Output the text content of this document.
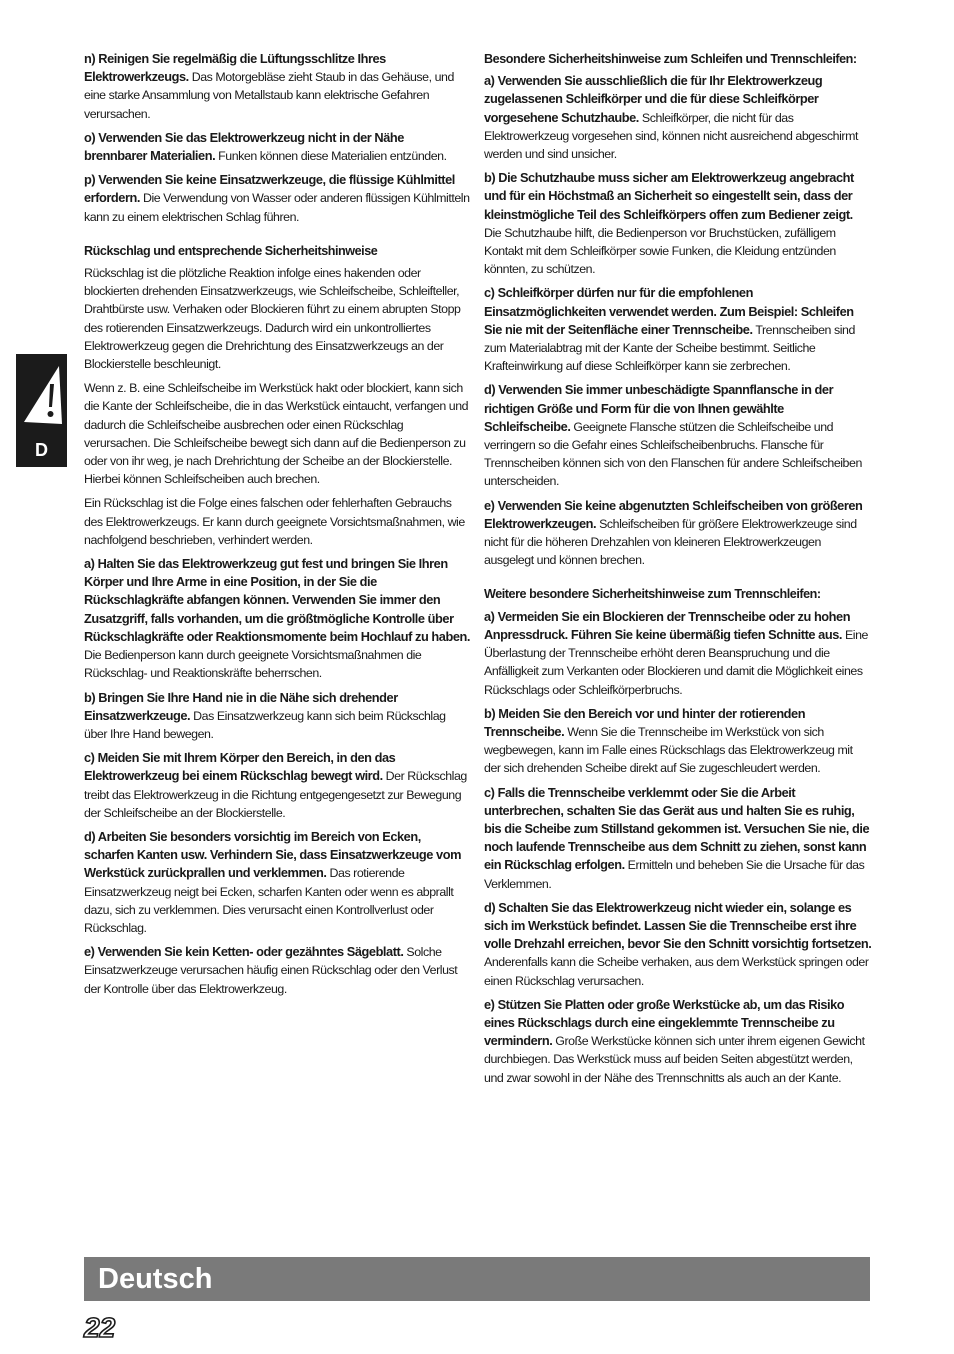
n) Reinigen Sie regelmäßig die Lüftungsschlitze Ihres Elektrowerkzeugs. Das Motorgebläse zieht Staub in das Gehäuse, und eine starke Ansammlung von Metallstaub kann elektrische Gefahren verursachen.

o) Verwenden Sie das Elektrowerkzeug nicht in der Nähe brennbarer Materialien. Funken können diese Materialien entzünden.

p) Verwenden Sie keine Einsatzwerkzeuge, die flüssige Kühlmittel erfordern. Die Verwendung von Wasser oder anderen flüssigen Kühlmitteln kann zu einem elektrischen Schlag führen.

Rückschlag und entsprechende Sicherheitshinweise

Rückschlag ist die plötzliche Reaktion infolge eines hakenden oder blockierten drehenden Einsatzwerkzeugs, wie Schleifscheibe, Schleifteller, Drahtbürste usw. Verhaken oder Blockieren führt zu einem abrupten Stopp des rotierenden Einsatzwerkzeugs. Dadurch wird ein unkontrolliertes Elektrowerkzeug gegen die Drehrichtung des Einsatzwerkzeugs an der Blockierstelle beschleunigt.

Wenn z. B. eine Schleifscheibe im Werkstück hakt oder blockiert, kann sich die Kante der Schleifscheibe, die in das Werkstück eintaucht, verfangen und dadurch die Schleifscheibe ausbrechen oder einen Rückschlag verursachen. Die Schleifscheibe bewegt sich dann auf die Bedienperson zu oder von ihr weg, je nach Drehrichtung der Scheibe an der Blockierstelle. Hierbei können Schleifscheiben auch brechen.

Ein Rückschlag ist die Folge eines falschen oder fehlerhaften Gebrauchs des Elektrowerkzeugs. Er kann durch geeignete Vorsichtsmaßnahmen, wie nachfolgend beschrieben, verhindert werden.

a) Halten Sie das Elektrowerkzeug gut fest und bringen Sie Ihren Körper und Ihre Arme in eine Position, in der Sie die Rückschlagkräfte abfangen können. Verwenden Sie immer den Zusatzgriff, falls vorhanden, um die größtmögliche Kontrolle über Rückschlagkräfte oder Reaktionsmomente beim Hochlauf zu haben. Die Bedienperson kann durch geeignete Vorsichtsmaßnahmen die Rückschlag- und Reaktionskräfte beherrschen.

b) Bringen Sie Ihre Hand nie in die Nähe sich drehender Einsatzwerkzeuge. Das Einsatzwerkzeug kann sich beim Rückschlag über Ihre Hand bewegen.

c) Meiden Sie mit Ihrem Körper den Bereich, in den das Elektrowerkzeug bei einem Rückschlag bewegt wird. Der Rückschlag treibt das Elektrowerkzeug in die Richtung entgegengesetzt zur Bewegung der Schleifscheibe an der Blockierstelle.

d) Arbeiten Sie besonders vorsichtig im Bereich von Ecken, scharfen Kanten usw. Verhindern Sie, dass Einsatzwerkzeuge vom Werkstück zurückprallen und verklemmen. Das rotierende Einsatzwerkzeug neigt bei Ecken, scharfen Kanten oder wenn es abprallt dazu, sich zu verklemmen. Dies verursacht einen Kontrollverlust oder Rückschlag.

e) Verwenden Sie kein Ketten- oder gezähntes Sägeblatt. Solche Einsatzwerkzeuge verursachen häufig einen Rückschlag oder den Verlust der Kontrolle über das Elektrowerkzeug.

Besondere Sicherheitshinweise zum Schleifen und Trennschleifen:

a) Verwenden Sie ausschließlich die für Ihr Elektrowerkzeug zugelassenen Schleifkörper und die für diese Schleifkörper vorgesehene Schutzhaube. Schleifkörper, die nicht für das Elektrowerkzeug vorgesehen sind, können nicht ausreichend abgeschirmt werden und sind unsicher.

b) Die Schutzhaube muss sicher am Elektrowerkzeug angebracht und für ein Höchstmaß an Sicherheit so eingestellt sein, dass der kleinstmögliche Teil des Schleifkörpers offen zum Bediener zeigt. Die Schutzhaube hilft, die Bedienperson vor Bruchstücken, zufälligem Kontakt mit dem Schleifkörper sowie Funken, die Kleidung entzünden könnten, zu schützen.

c) Schleifkörper dürfen nur für die empfohlenen Einsatzmöglichkeiten verwendet werden. Zum Beispiel: Schleifen Sie nie mit der Seitenfläche einer Trennscheibe. Trennscheiben sind zum Materialabtrag mit der Kante der Scheibe bestimmt. Seitliche Krafteinwirkung auf diese Schleifkörper kann sie zerbrechen.

d) Verwenden Sie immer unbeschädigte Spannflansche in der richtigen Größe und Form für die von Ihnen gewählte Schleifscheibe. Geeignete Flansche stützen die Schleifscheibe und verringern so die Gefahr eines Schleifscheibenbruchs. Flansche für Trennscheiben können sich von den Flanschen für andere Schleifscheiben unterscheiden.

e) Verwenden Sie keine abgenutzten Schleifscheiben von größeren Elektrowerkzeugen. Schleifscheiben für größere Elektrowerkzeuge sind nicht für die höheren Drehzahlen von kleineren Elektrowerkzeugen ausgelegt und können brechen.

Weitere besondere Sicherheitshinweise zum Trennschleifen:

a) Vermeiden Sie ein Blockieren der Trennscheibe oder zu hohen Anpressdruck. Führen Sie keine übermäßig tiefen Schnitte aus. Eine Überlastung der Trennscheibe erhöht deren Beanspruchung und die Anfälligkeit zum Verkanten oder Blockieren und damit die Möglichkeit eines Rückschlags oder Schleifkörperbruchs.

b) Meiden Sie den Bereich vor und hinter der rotierenden Trennscheibe. Wenn Sie die Trennscheibe im Werkstück von sich wegbewegen, kann im Falle eines Rückschlags das Elektrowerkzeug mit der sich drehenden Scheibe direkt auf Sie zugeschleudert werden.

c) Falls die Trennscheibe verklemmt oder Sie die Arbeit unterbrechen, schalten Sie das Gerät aus und halten Sie es ruhig, bis die Scheibe zum Stillstand gekommen ist. Versuchen Sie nie, die noch laufende Trennscheibe aus dem Schnitt zu ziehen, sonst kann ein Rückschlag erfolgen. Ermitteln und beheben Sie die Ursache für das Verklemmen.

d) Schalten Sie das Elektrowerkzeug nicht wieder ein, solange es sich im Werkstück befindet. Lassen Sie die Trennscheibe erst ihre volle Drehzahl erreichen, bevor Sie den Schnitt vorsichtig fortsetzen. Anderenfalls kann die Scheibe verhaken, aus dem Werkstück springen oder einen Rückschlag verursachen.

e) Stützen Sie Platten oder große Werkstücke ab, um das Risiko eines Rückschlags durch eine eingeklemmte Trennscheibe zu vermindern. Große Werkstücke können sich unter ihrem eigenen Gewicht durchbiegen. Das Werkstück muss auf beiden Seiten abgestützt werden, und zwar sowohl in der Nähe des Trennschnitts als auch an der Kante.

D
Deutsch
22
